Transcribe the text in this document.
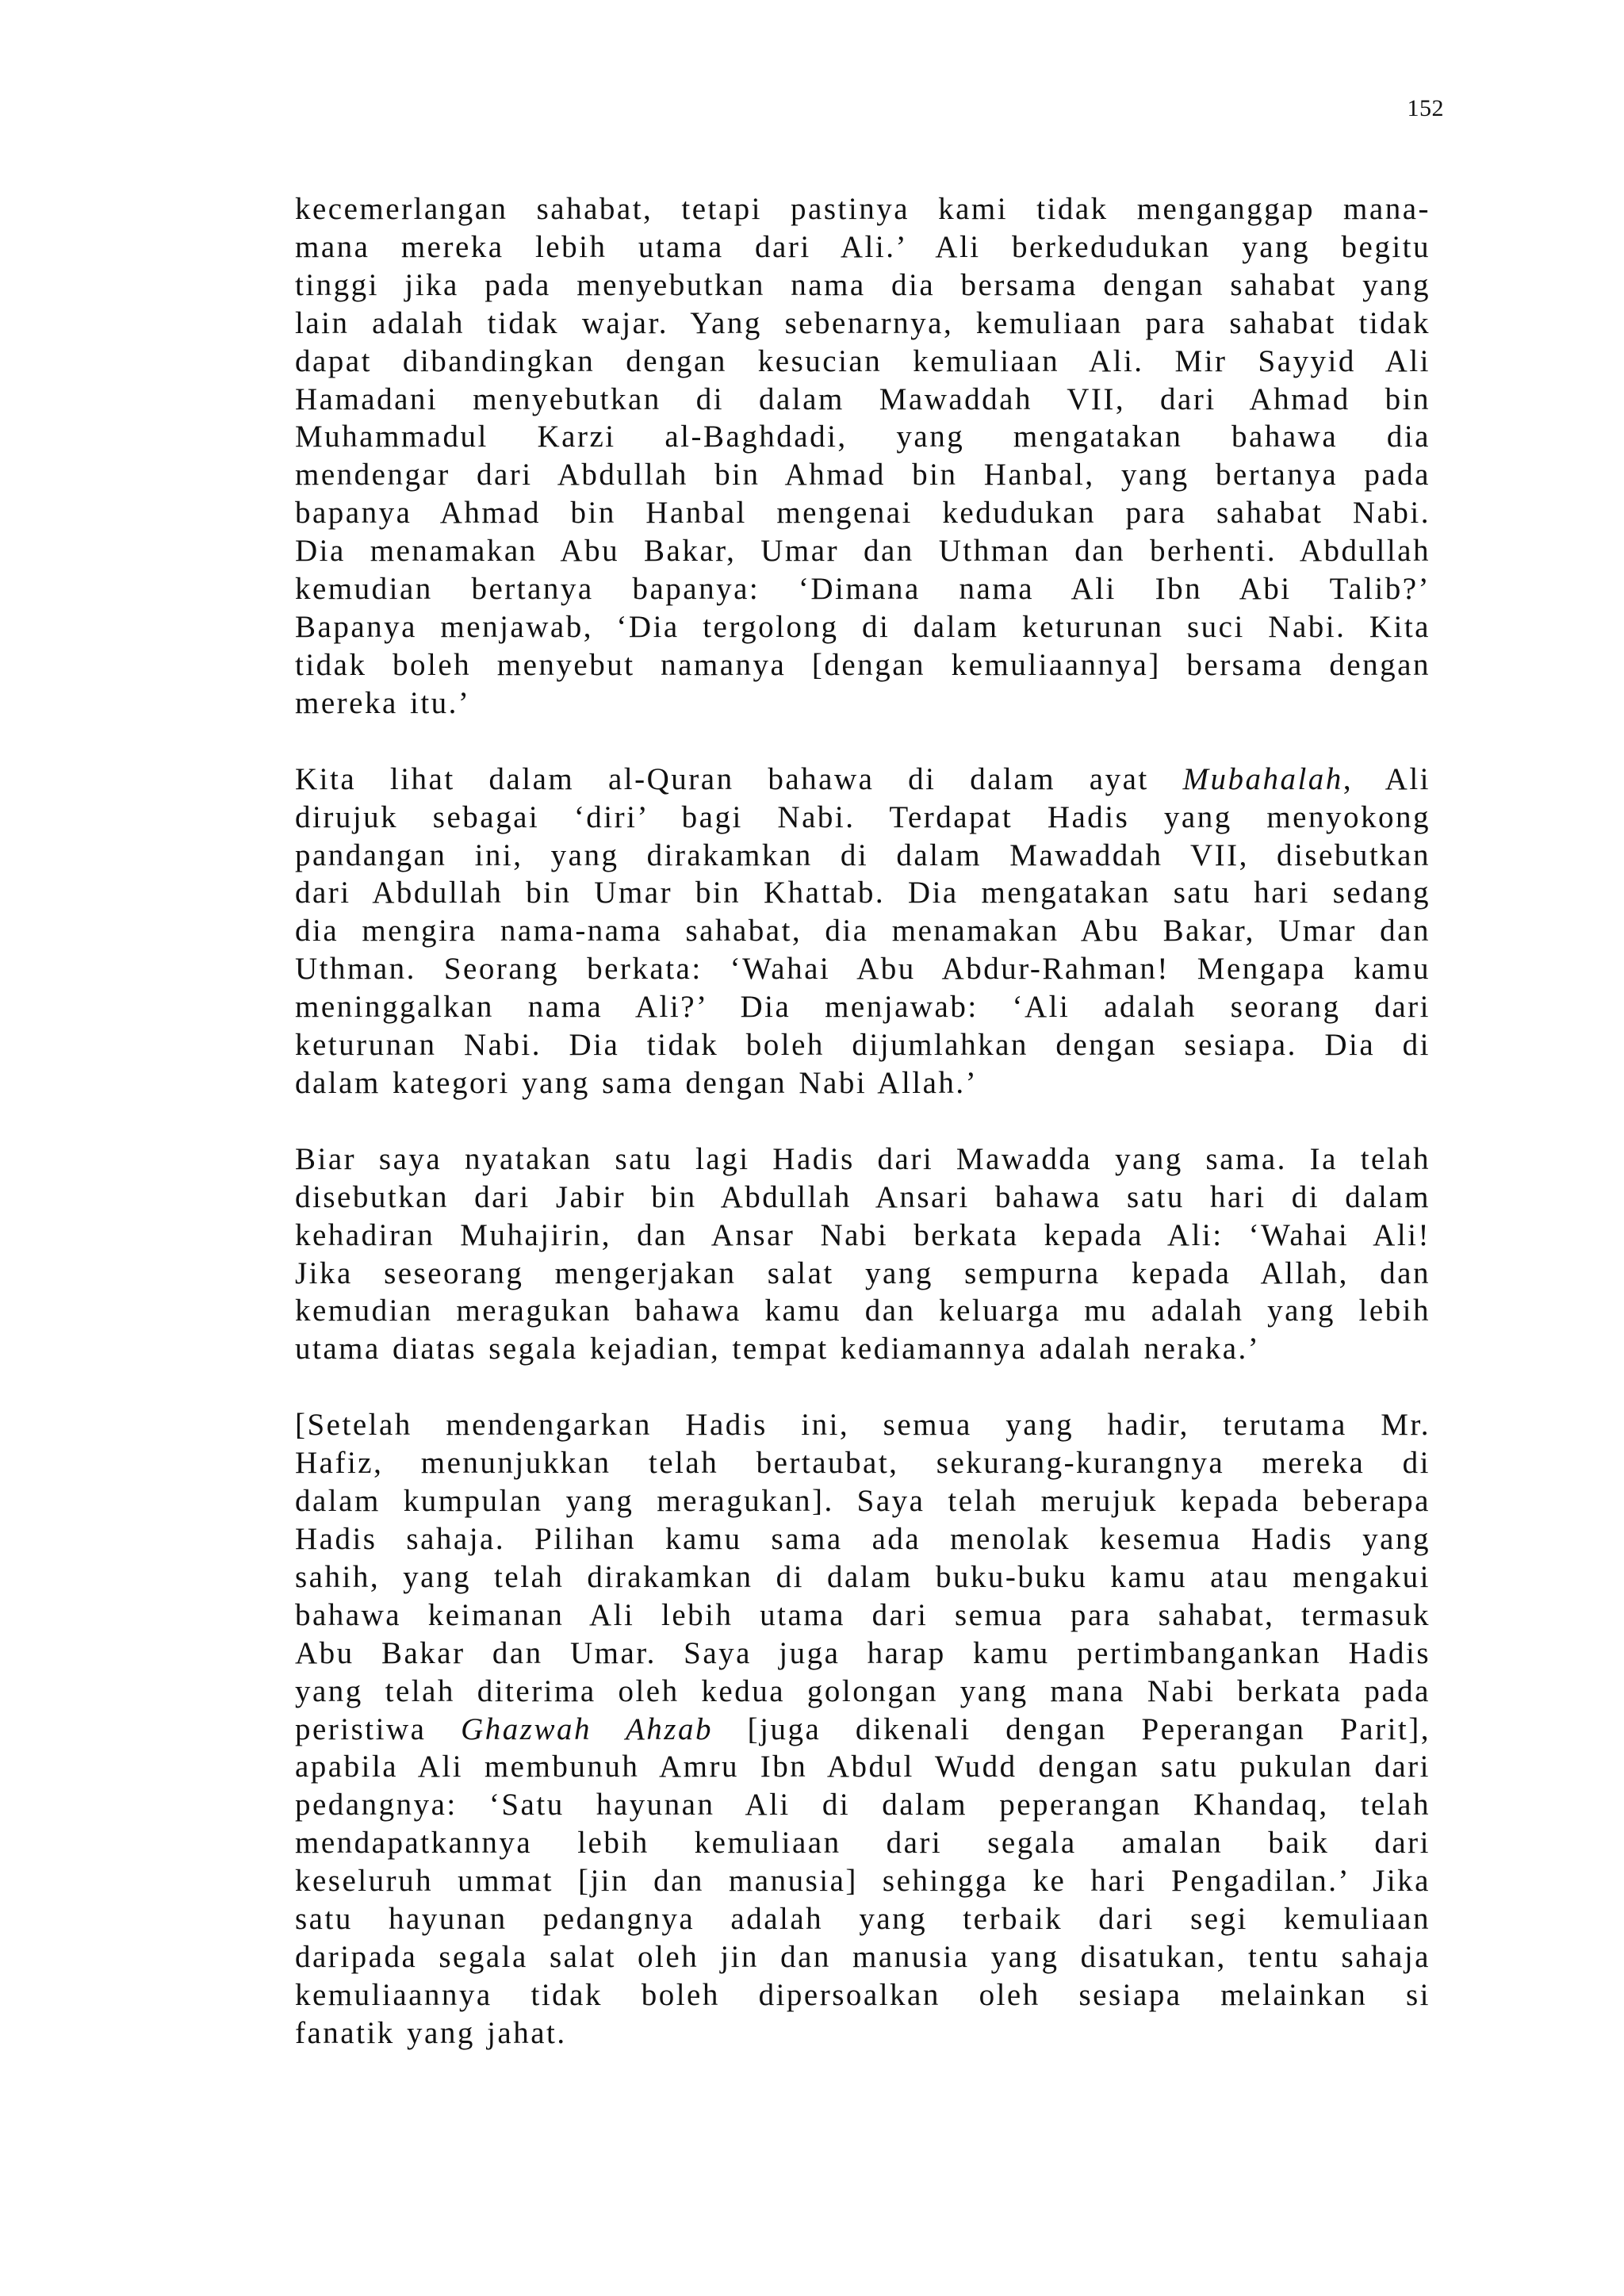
152
kecemerlangan sahabat, tetapi pastinya kami tidak menganggap mana-
mana mereka lebih utama dari Ali.’ Ali berkedudukan yang begitu
tinggi jika pada menyebutkan nama dia bersama dengan sahabat yang
lain adalah tidak wajar. Yang sebenarnya, kemuliaan para sahabat tidak
dapat dibandingkan dengan kesucian kemuliaan Ali. Mir Sayyid Ali
Hamadani menyebutkan di dalam Mawaddah VII, dari Ahmad bin
Muhammadul Karzi al-Baghdadi, yang mengatakan bahawa dia
mendengar dari Abdullah bin Ahmad bin Hanbal, yang bertanya pada
bapanya Ahmad bin Hanbal mengenai kedudukan para sahabat Nabi.
Dia menamakan Abu Bakar, Umar dan Uthman dan berhenti. Abdullah
kemudian bertanya bapanya: ‘Dimana nama Ali Ibn Abi Talib?’
Bapanya menjawab, ‘Dia tergolong di dalam keturunan suci Nabi. Kita
tidak boleh menyebut namanya [dengan kemuliaannya] bersama dengan
mereka itu.’
Kita lihat dalam al-Quran bahawa di dalam ayat Mubahalah, Ali
dirujuk sebagai ‘diri’ bagi Nabi. Terdapat Hadis yang menyokong
pandangan ini, yang dirakamkan di dalam Mawaddah VII, disebutkan
dari Abdullah bin Umar bin Khattab. Dia mengatakan satu hari sedang
dia mengira nama-nama sahabat, dia menamakan Abu Bakar, Umar dan
Uthman. Seorang berkata: ‘Wahai Abu Abdur-Rahman! Mengapa kamu
meninggalkan nama Ali?’ Dia menjawab: ‘Ali adalah seorang dari
keturunan Nabi. Dia tidak boleh dijumlahkan dengan sesiapa. Dia di
dalam kategori yang sama dengan Nabi Allah.’
Biar saya nyatakan satu lagi Hadis dari Mawadda yang sama. Ia telah
disebutkan dari Jabir bin Abdullah Ansari bahawa satu hari di dalam
kehadiran Muhajirin, dan Ansar Nabi berkata kepada Ali: ‘Wahai Ali!
Jika seseorang mengerjakan salat yang sempurna kepada Allah, dan
kemudian meragukan bahawa kamu dan keluarga mu adalah yang lebih
utama diatas segala kejadian, tempat kediamannya adalah neraka.’
[Setelah mendengarkan Hadis ini, semua yang hadir, terutama Mr.
Hafiz, menunjukkan telah bertaubat, sekurang-kurangnya mereka di
dalam kumpulan yang meragukan]. Saya telah merujuk kepada beberapa
Hadis sahaja. Pilihan kamu sama ada menolak kesemua Hadis yang
sahih, yang telah dirakamkan di dalam buku-buku kamu atau mengakui
bahawa keimanan Ali lebih utama dari semua para sahabat, termasuk
Abu Bakar dan Umar. Saya juga harap kamu pertimbangankan Hadis
yang telah diterima oleh kedua golongan yang mana Nabi berkata pada
peristiwa Ghazwah Ahzab [juga dikenali dengan Peperangan Parit],
apabila Ali membunuh Amru Ibn Abdul Wudd dengan satu pukulan dari
pedangnya: ‘Satu hayunan Ali di dalam peperangan Khandaq, telah
mendapatkannya lebih kemuliaan dari segala amalan baik dari
keseluruh ummat [jin dan manusia] sehingga ke hari Pengadilan.’ Jika
satu hayunan pedangnya adalah yang terbaik dari segi kemuliaan
daripada segala salat oleh jin dan manusia yang disatukan, tentu sahaja
kemuliaannya tidak boleh dipersoalkan oleh sesiapa melainkan si
fanatik yang jahat.
